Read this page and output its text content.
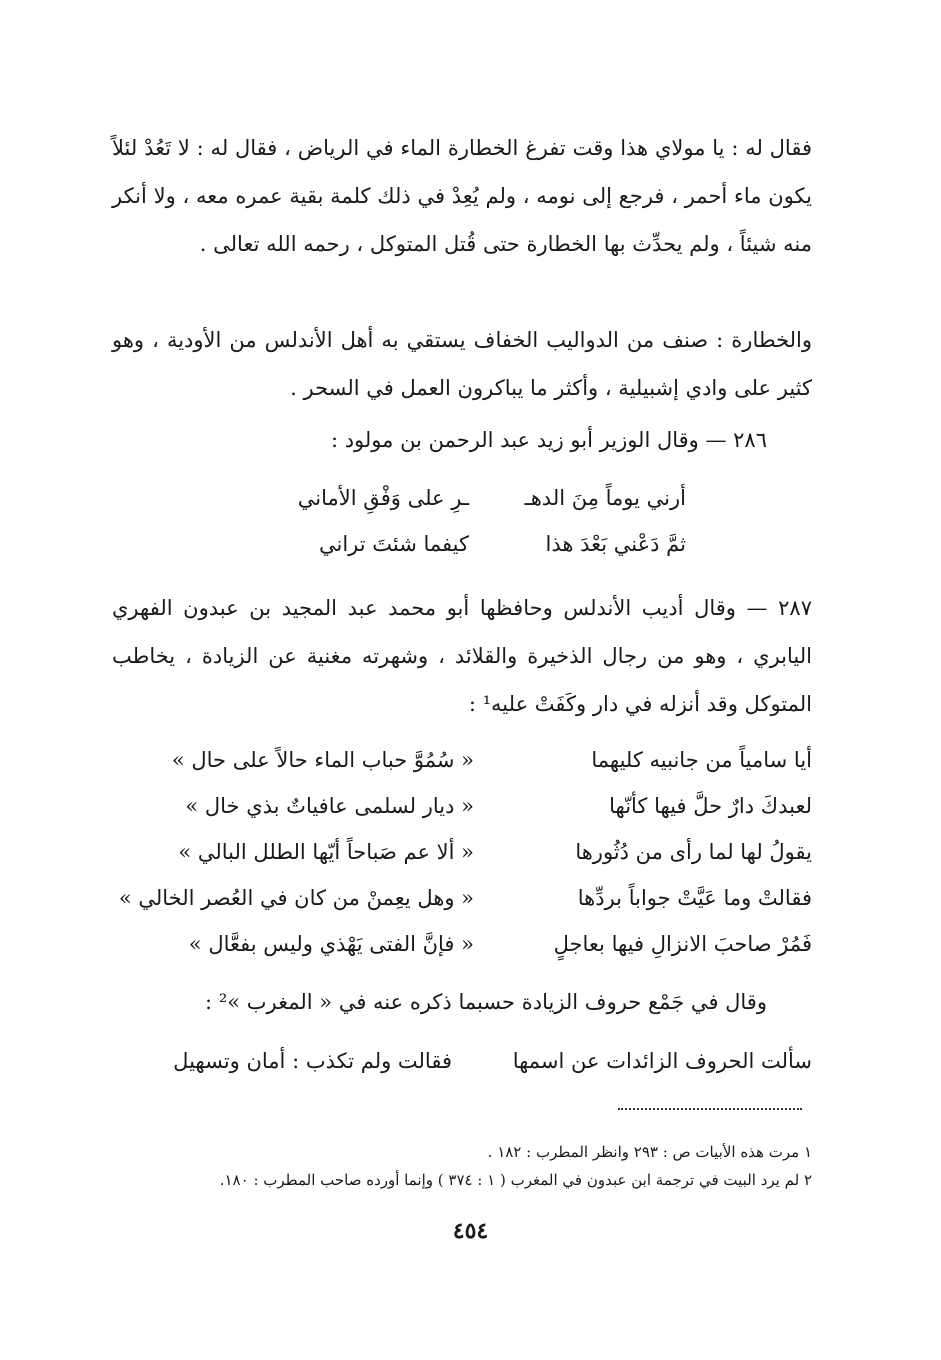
فقال له : يا مولاي هذا وقت تفرغ الخطارة الماء في الرياض ، فقال له : لا تَعُدْ لئلاً يكون ماء أحمر ، فرجع إلى نومه ، ولم يُعِدْ في ذلك كلمة بقية عمره معه ، ولا أنكر منه شيئاً ، ولم يحدِّث بها الخطارة حتى قُتل المتوكل ، رحمه الله تعالى .
والخطارة : صنف من الدواليب الخفاف يستقي به أهل الأندلس من الأودية ، وهو كثير على وادي إشبيلية ، وأكثر ما يباكرون العمل في السحر .
٢٨٦ — وقال الوزير أبو زيد عبد الرحمن بن مولود :
أرني يوماً مِنَ الدهـ
ـرِ على وَفْقِ الأماني
ثمَّ دَعْني بَعْدَ هذا
كيفما شئتَ تراني
٢٨٧ — وقال أديب الأندلس وحافظها أبو محمد عبد المجيد بن عبدون الفهري اليابري ، وهو من رجال الذخيرة والقلائد ، وشهرته مغنية عن الزيادة ، يخاطب المتوكل وقد أنزله في دار وكَفَتْ عليه¹ :
أيا سامياً من جانبيه كليهما
« سُمُوَّ حباب الماء حالاً على حال »
لعبدكَ دارٌ حلَّ فيها كأنّها
« ديار لسلمى عافياتٌ بذي خال »
يقولُ لها لما رأى من دُثُورها
« ألا عم صَباحاً أيّها الطلل البالي »
فقالتْ وما عَيَّتْ جواباً بردِّها
« وهل يعِمنْ من كان في العُصر الخالي »
فَمُرْ صاحبَ الانزالِ فيها بعاجلٍ
« فإنَّ الفتى يَهْذي وليس بفعَّال »
وقال في جَمْع حروف الزيادة حسبما ذكره عنه في « المغرب »² :
سألت الحروف الزائدات عن اسمها
فقالت ولم تكذب : أمان وتسهيل
١ مرت هذه الأبيات ص : ٢٩٣ وانظر المطرب : ١٨٢ .
٢ لم يرد البيت في ترجمة ابن عبدون في المغرب ( ١ : ٣٧٤ ) وإنما أورده صاحب المطرب : ١٨٠.
٤٥٤
